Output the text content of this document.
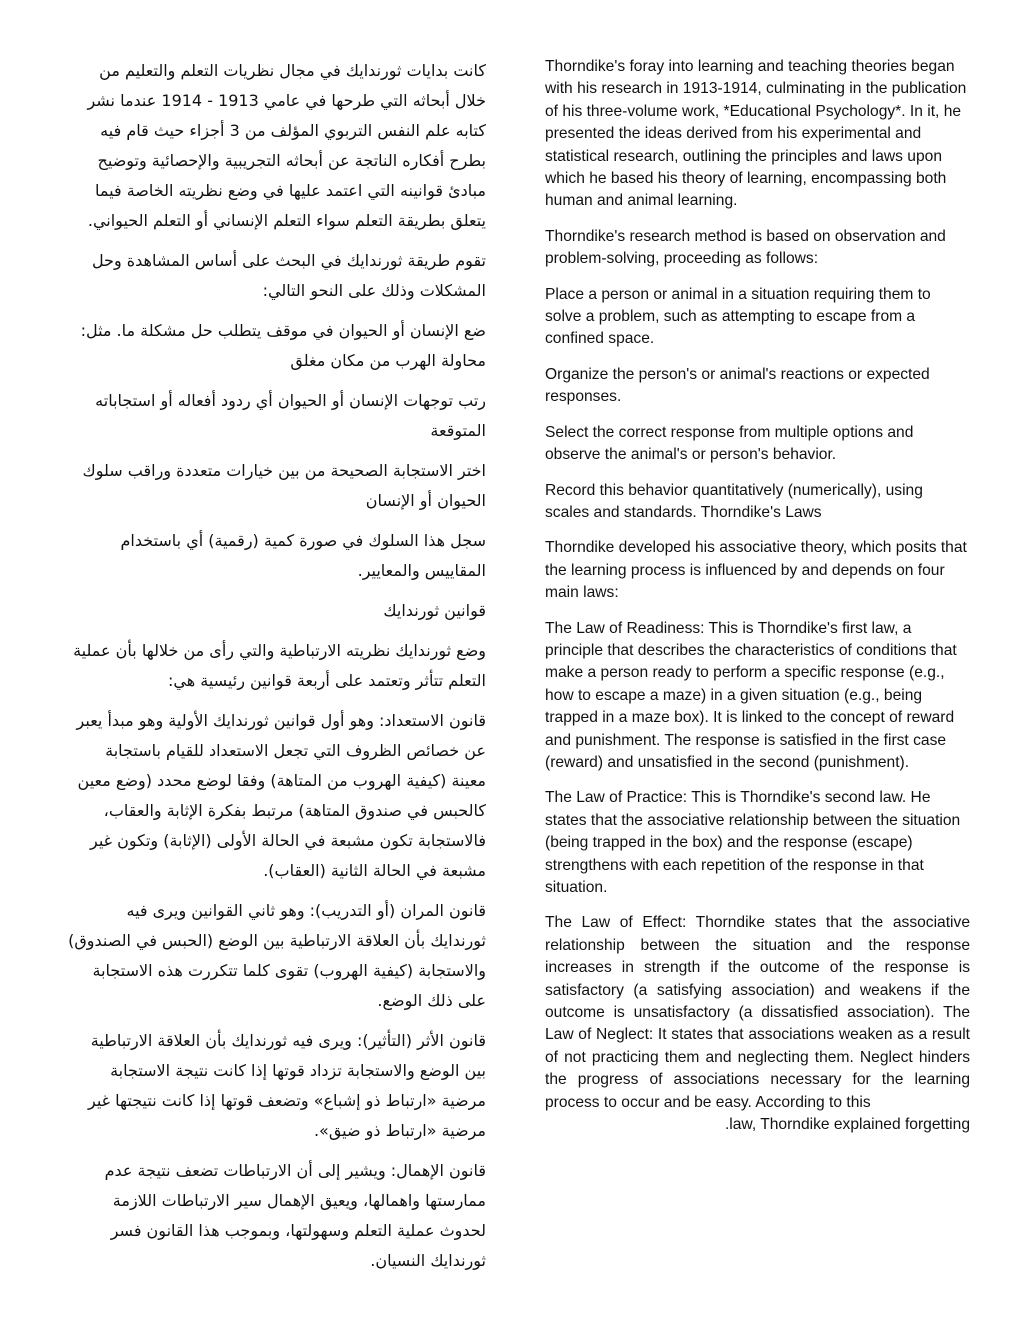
كانت بدايات ثورندايك في مجال نظريات التعلم والتعليم من خلال أبحاثه التي طرحها في عامي 1913 - 1914 عندما نشر كتابه علم النفس التربوي المؤلف من 3 أجزاء حيث قام فيه بطرح أفكاره الناتجة عن أبحاثه التجريبية والإحصائية وتوضيح مبادئ قوانينه التي اعتمد عليها في وضع نظريته الخاصة فيما يتعلق بطريقة التعلم سواء التعلم الإنساني أو التعلم الحيواني.

تقوم طريقة ثورندايك في البحث على أساس المشاهدة وحل المشكلات وذلك على النحو التالي:

ضع الإنسان أو الحيوان في موقف يتطلب حل مشكلة ما. مثل: محاولة الهرب من مكان مغلق

رتب توجهات الإنسان أو الحيوان أي ردود أفعاله أو استجاباته المتوقعة

اختر الاستجابة الصحيحة من بين خيارات متعددة وراقب سلوك الحيوان أو الإنسان

سجل هذا السلوك في صورة كمية (رقمية) أي باستخدام المقاييس والمعايير.

قوانين ثورندايك

وضع ثورندايك نظريته الارتباطية والتي رأى من خلالها بأن عملية التعلم تتأثر وتعتمد على أربعة قوانين رئيسية هي:

قانون الاستعداد: وهو أول قوانين ثورندايك الأولية وهو مبدأ يعبر عن خصائص الظروف التي تجعل الاستعداد للقيام باستجابة معينة (كيفية الهروب من المتاهة) وفقا لوضع محدد (وضع معين كالحبس في صندوق المتاهة) مرتبط بفكرة الإثابة والعقاب، فالاستجابة تكون مشبعة في الحالة الأولى (الإثابة) وتكون غير مشبعة في الحالة الثانية (العقاب).

قانون المران (أو التدريب): وهو ثاني القوانين ويرى فيه ثورندايك بأن العلاقة الارتباطية بين الوضع (الحبس في الصندوق) والاستجابة (كيفية الهروب) تقوى كلما تتكررت هذه الاستجابة على ذلك الوضع.

قانون الأثر (التأثير): ويرى فيه ثورندايك بأن العلاقة الارتباطية بين الوضع والاستجابة تزداد قوتها إذا كانت نتيجة الاستجابة مرضية «ارتباط ذو إشباع» وتضعف قوتها إذا كانت نتيجتها غير مرضية «ارتباط ذو ضيق».

قانون الإهمال: ويشير إلى أن الارتباطات تضعف نتيجة عدم ممارستها واهمالها، ويعيق الإهمال سير الارتباطات اللازمة لحدوث عملية التعلم وسهولتها، وبموجب هذا القانون فسر ثورندايك النسيان.

Thorndike's foray into learning and teaching theories began with his research in 1913-1914, culminating in the publication of his three-volume work, *Educational Psychology*. In it, he presented the ideas derived from his experimental and statistical research, outlining the principles and laws upon which he based his theory of learning, encompassing both human and animal learning.

Thorndike's research method is based on observation and problem-solving, proceeding as follows:

Place a person or animal in a situation requiring them to solve a problem, such as attempting to escape from a confined space.

Organize the person's or animal's reactions or expected responses.

Select the correct response from multiple options and observe the animal's or person's behavior.

Record this behavior quantitatively (numerically), using scales and standards. Thorndike's Laws

Thorndike developed his associative theory, which posits that the learning process is influenced by and depends on four main laws:

The Law of Readiness: This is Thorndike's first law, a principle that describes the characteristics of conditions that make a person ready to perform a specific response (e.g., how to escape a maze) in a given situation (e.g., being trapped in a maze box). It is linked to the concept of reward and punishment. The response is satisfied in the first case (reward) and unsatisfied in the second (punishment).

The Law of Practice: This is Thorndike's second law. He states that the associative relationship between the situation (being trapped in the box) and the response (escape) strengthens with each repetition of the response in that situation.

The Law of Effect: Thorndike states that the associative relationship between the situation and the response increases in strength if the outcome of the response is satisfactory (a satisfying association) and weakens if the outcome is unsatisfactory (a dissatisfied association). The Law of Neglect: It states that associations weaken as a result of not practicing them and neglecting them. Neglect hinders the progress of associations necessary for the learning process to occur and be easy. According to this
.law, Thorndike explained forgetting
